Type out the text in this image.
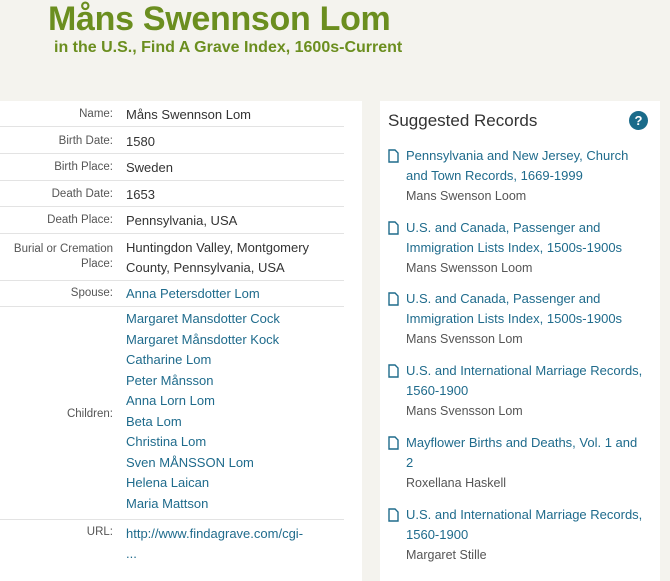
Måns Swennson Lom
in the U.S., Find A Grave Index, 1600s-Current
Name:	Måns Swennson Lom
Birth Date:	1580
Birth Place:	Sweden
Death Date:	1653
Death Place:	Pennsylvania, USA
Burial or Cremation
Place:
Huntingdon Valley, Montgomery
County, Pennsylvania, USA
Spouse:	Anna Petersdotter Lom
Children:
Margaret Mansdotter Cock
Margaret Månsdotter Kock
Catharine Lom
Peter Månsson
Anna Lorn Lom
Beta Lom
Christina Lom
Sven MÅNSSON Lom
Helena Laican
Maria Mattson
URL:	http://www.findagrave.com/cgi-
...
Suggested Records	?
Pennsylvania and New Jersey, Church
and Town Records, 1669-1999
Mans Swenson Loom
U.S. and Canada, Passenger and
Immigration Lists Index, 1500s-1900s
Mans Swensson Loom
U.S. and Canada, Passenger and
Immigration Lists Index, 1500s-1900s
Mans Svensson Lom
U.S. and International Marriage Records,
1560-1900
Mans Svensson Lom
Mayflower Births and Deaths, Vol. 1 and
2
Roxellana Haskell
U.S. and International Marriage Records,
1560-1900
Margaret Stille
